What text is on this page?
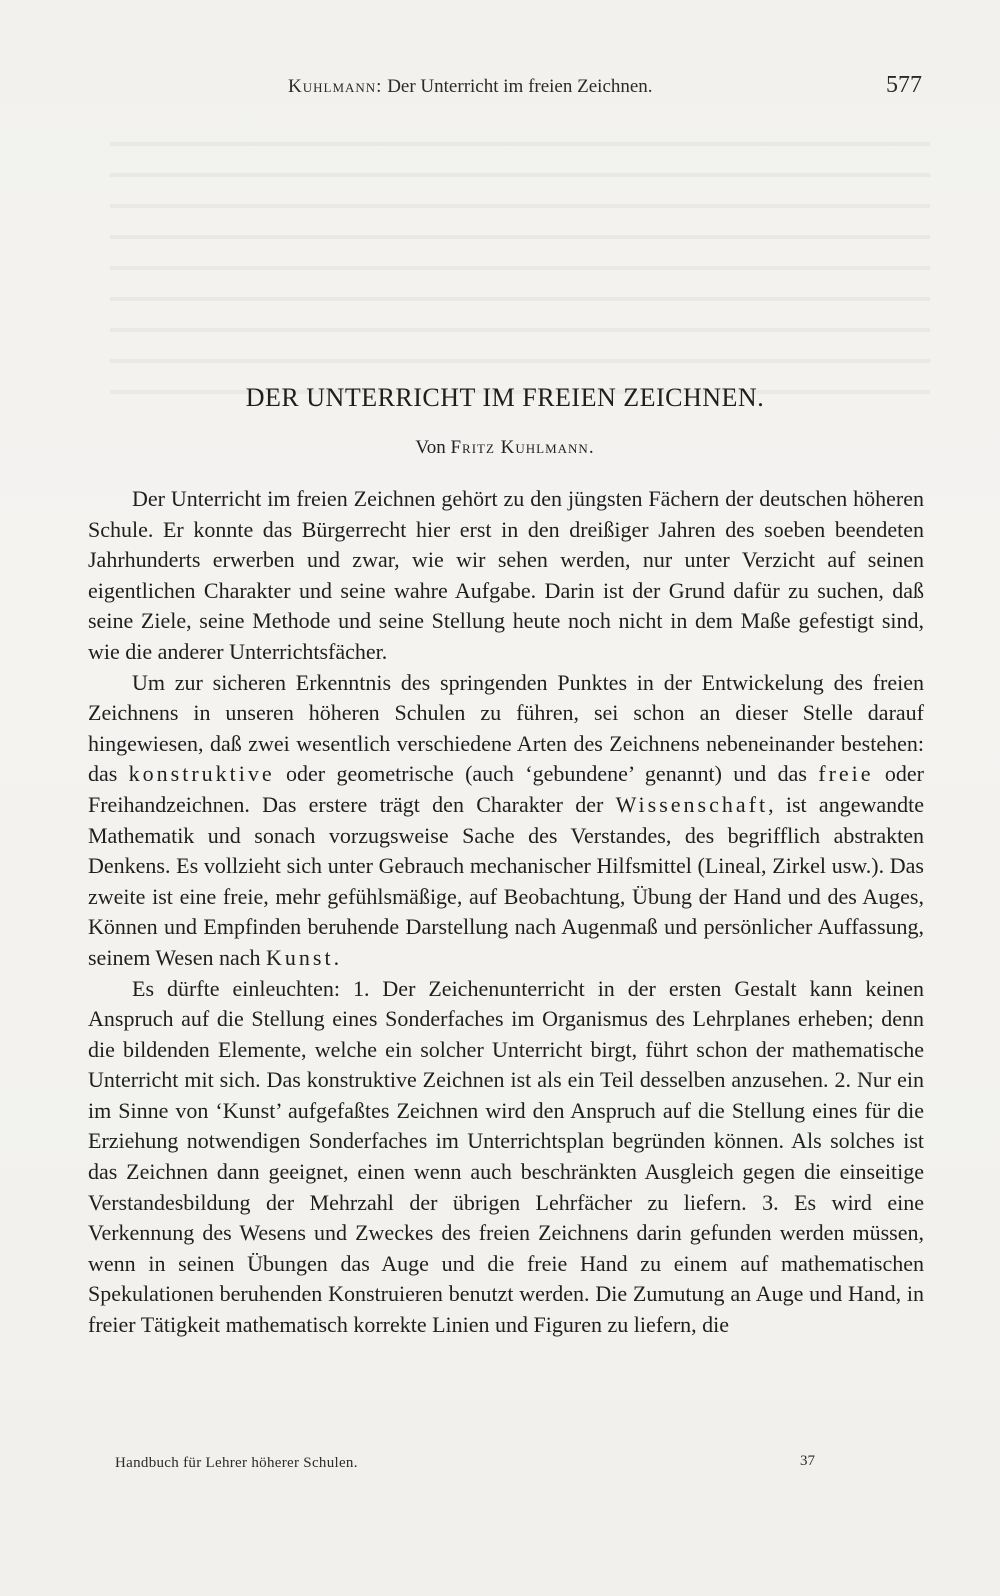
Kuhlmann: Der Unterricht im freien Zeichnen.	577
DER UNTERRICHT IM FREIEN ZEICHNEN.
Von Fritz Kuhlmann.

Der Unterricht im freien Zeichnen gehört zu den jüngsten Fächern der deutschen höheren Schule. Er konnte das Bürgerrecht hier erst in den dreißiger Jahren des soeben beendeten Jahrhunderts erwerben und zwar, wie wir sehen werden, nur unter Verzicht auf seinen eigentlichen Charakter und seine wahre Aufgabe. Darin ist der Grund dafür zu suchen, daß seine Ziele, seine Methode und seine Stellung heute noch nicht in dem Maße gefestigt sind, wie die anderer Unterrichtsfächer.

Um zur sicheren Erkenntnis des springenden Punktes in der Entwickelung des freien Zeichnens in unseren höheren Schulen zu führen, sei schon an dieser Stelle darauf hingewiesen, daß zwei wesentlich verschiedene Arten des Zeichnens nebeneinander bestehen: das konstruktive oder geometrische (auch ‘gebundene’ genannt) und das freie oder Freihandzeichnen. Das erstere trägt den Charakter der Wissenschaft, ist angewandte Mathematik und sonach vorzugsweise Sache des Verstandes, des begrifflich abstrakten Denkens. Es vollzieht sich unter Gebrauch mechanischer Hilfsmittel (Lineal, Zirkel usw.). Das zweite ist eine freie, mehr gefühlsmäßige, auf Beobachtung, Übung der Hand und des Auges, Können und Empfinden beruhende Darstellung nach Augenmaß und persönlicher Auffassung, seinem Wesen nach Kunst.

Es dürfte einleuchten: 1. Der Zeichenunterricht in der ersten Gestalt kann keinen Anspruch auf die Stellung eines Sonderfaches im Organismus des Lehrplanes erheben; denn die bildenden Elemente, welche ein solcher Unterricht birgt, führt schon der mathematische Unterricht mit sich. Das konstruktive Zeichnen ist als ein Teil desselben anzusehen. 2. Nur ein im Sinne von ‘Kunst’ aufgefaßtes Zeichnen wird den Anspruch auf die Stellung eines für die Erziehung notwendigen Sonderfaches im Unterrichtsplan begründen können. Als solches ist das Zeichnen dann geeignet, einen wenn auch beschränkten Ausgleich gegen die einseitige Verstandesbildung der Mehrzahl der übrigen Lehrfächer zu liefern. 3. Es wird eine Verkennung des Wesens und Zweckes des freien Zeichnens darin gefunden werden müssen, wenn in seinen Übungen das Auge und die freie Hand zu einem auf mathematischen Spekulationen beruhenden Konstruieren benutzt werden. Die Zumutung an Auge und Hand, in freier Tätigkeit mathematisch korrekte Linien und Figuren zu liefern, die

Handbuch für Lehrer höherer Schulen.	37
